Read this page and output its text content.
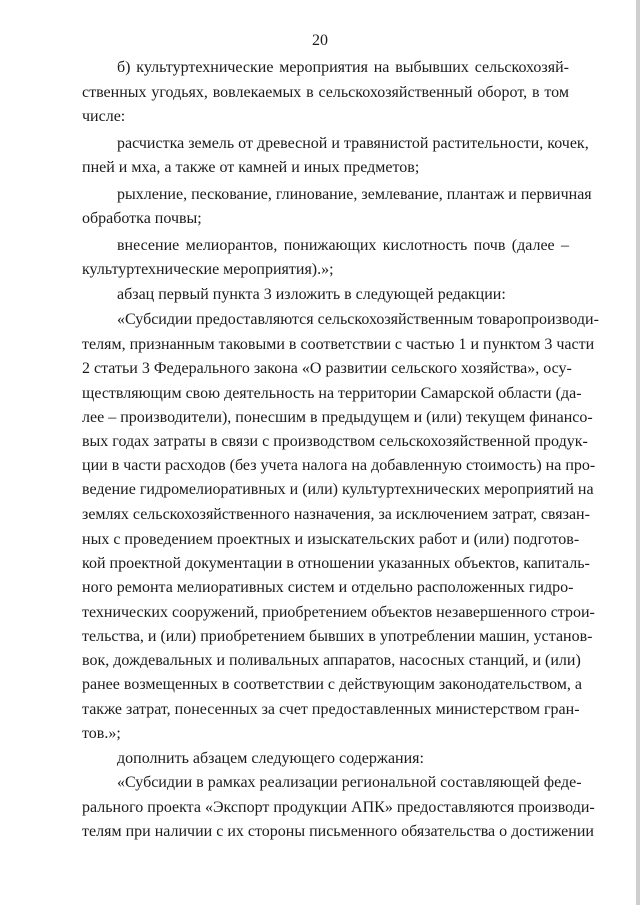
20
б) культуртехнические мероприятия на выбывших сельскохозяй-
ственных угодьях, вовлекаемых в сельскохозяйственный оборот, в том
числе:
расчистка земель от древесной и травянистой растительности, кочек,
пней и мха, а также от камней и иных предметов;
рыхление, пескование, глинование, землевание, плантаж и первичная
обработка почвы;
внесение мелиорантов, понижающих кислотность почв (далее –
культуртехнические мероприятия).»;
абзац первый пункта 3 изложить в следующей редакции:
«Субсидии предоставляются сельскохозяйственным товаропроизводи-
телям, признанным таковыми в соответствии с частью 1 и пунктом 3 части
2 статьи 3 Федерального закона «О развитии сельского хозяйства», осу-
ществляющим свою деятельность на территории Самарской области (да-
лее – производители), понесшим в предыдущем и (или) текущем финансо-
вых годах затраты в связи с производством сельскохозяйственной продук-
ции в части расходов (без учета налога на добавленную стоимость) на про-
ведение гидромелиоративных и (или) культуртехнических мероприятий на
землях сельскохозяйственного назначения, за исключением затрат, связан-
ных с проведением проектных и изыскательских работ и (или) подготов-
кой проектной документации в отношении указанных объектов, капиталь-
ного ремонта мелиоративных систем и отдельно расположенных гидро-
технических сооружений, приобретением объектов незавершенного строи-
тельства, и (или) приобретением бывших в употреблении машин, установ-
вок, дождевальных и поливальных аппаратов, насосных станций, и (или)
ранее возмещенных в соответствии с действующим законодательством, а
также затрат, понесенных за счет предоставленных министерством гран-
тов.»;
дополнить абзацем следующего содержания:
«Субсидии в рамках реализации региональной составляющей феде-
рального проекта «Экспорт продукции АПК» предоставляются производи-
телям при наличии с их стороны письменного обязательства о достижении
